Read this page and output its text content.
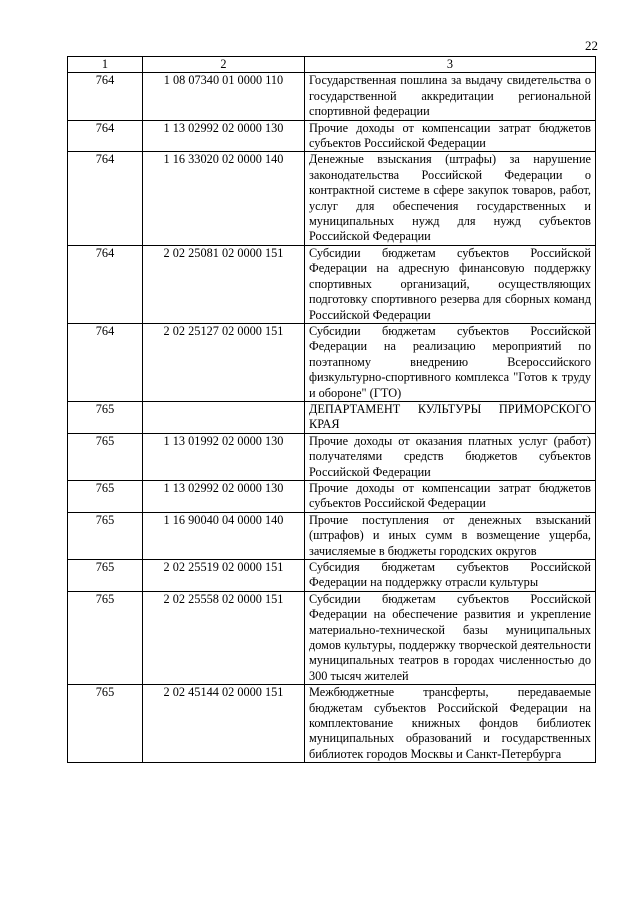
22
1	2	3
764	1 08 07340 01 0000 110	Государственная пошлина за выдачу свидетельства о государственной аккредитации региональной спортивной федерации
764	1 13 02992 02 0000 130	Прочие доходы от компенсации затрат бюджетов субъектов Российской Федерации
764	1 16 33020 02 0000 140	Денежные взыскания (штрафы) за нарушение законодательства Российской Федерации о контрактной системе в сфере закупок товаров, работ, услуг для обеспечения государственных и муниципальных нужд для нужд субъектов Российской Федерации
764	2 02 25081 02 0000 151	Субсидии бюджетам субъектов Российской Федерации на адресную финансовую поддержку спортивных организаций, осуществляющих подготовку спортивного резерва для сборных команд Российской Федерации
764	2 02 25127 02 0000 151	Субсидии бюджетам субъектов Российской Федерации на реализацию мероприятий по поэтапному внедрению Всероссийского физкультурно-спортивного комплекса "Готов к труду и обороне" (ГТО)
765		ДЕПАРТАМЕНТ КУЛЬТУРЫ ПРИМОРСКОГО КРАЯ
765	1 13 01992 02 0000 130	Прочие доходы от оказания платных услуг (работ) получателями средств бюджетов субъектов Российской Федерации
765	1 13 02992 02 0000 130	Прочие доходы от компенсации затрат бюджетов субъектов Российской Федерации
765	1 16 90040 04 0000 140	Прочие поступления от денежных взысканий (штрафов) и иных сумм в возмещение ущерба, зачисляемые в бюджеты городских округов
765	2 02 25519 02 0000 151	Субсидия бюджетам субъектов Российской Федерации на поддержку отрасли культуры
765	2 02 25558 02 0000 151	Субсидии бюджетам субъектов Российской Федерации на обеспечение развития и укрепление материально-технической базы муниципальных домов культуры, поддержку творческой деятельности муниципальных театров в городах численностью до 300 тысяч жителей
765	2 02 45144 02 0000 151	Межбюджетные трансферты, передаваемые бюджетам субъектов Российской Федерации на комплектование книжных фондов библиотек муниципальных образований и государственных библиотек городов Москвы и Санкт-Петербурга
